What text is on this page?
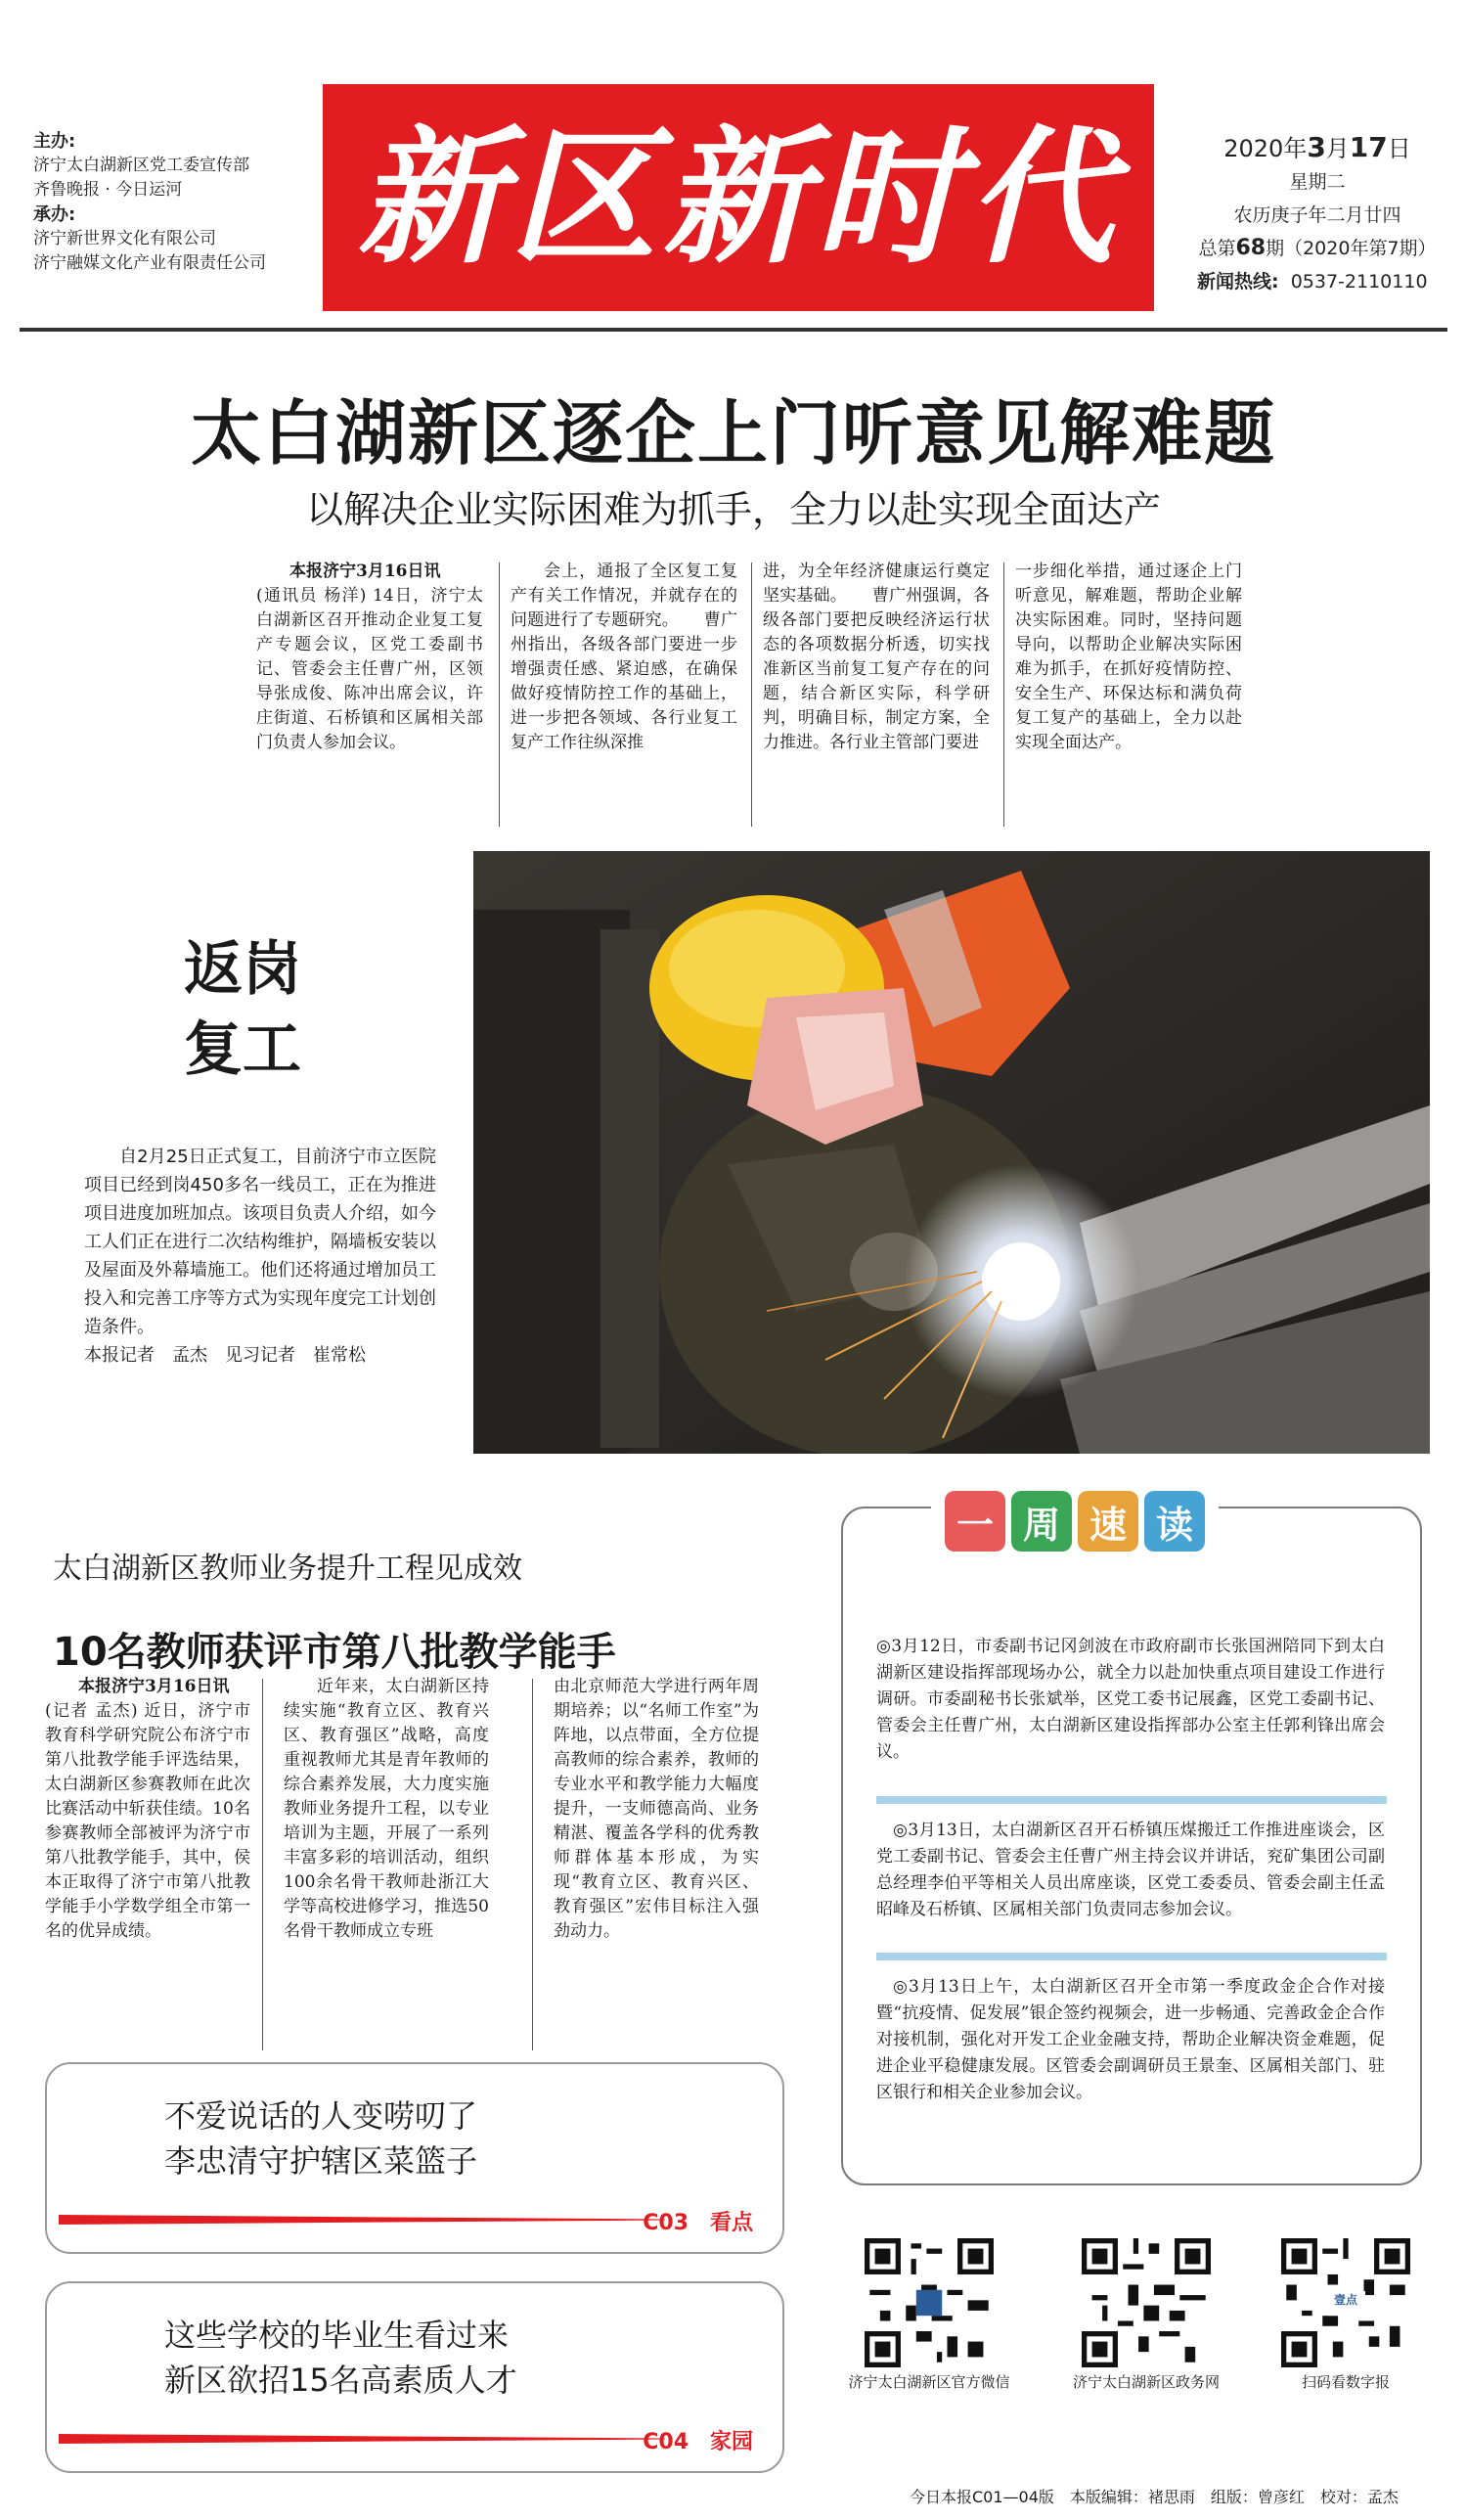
主办:
济宁太白湖新区党工委宣传部
齐鲁晚报 · 今日运河
承办:
济宁新世界文化有限公司
济宁融媒文化产业有限责任公司 新区新时代	2020年3月17日
星期二
农历庚子年二月廿四
总第68期（2020年第7期）
新闻热线: 0537-2110110
太白湖新区逐企上门听意见解难题
以解决企业实际困难为抓手，全力以赴实现全面达产
本报济宁3月16日讯
(通讯员 杨洋) 14日，济宁太白湖新区召开推动企业复工复产专题会议，区党工委副书记、管委会主任曹广州，区领导张成俊、陈冲出席会议，许庄街道、石桥镇和区属相关部门负责人参加会议。
会上，通报了全区复工复产有关工作情况，并就存在的问题进行了专题研究。　　曹广州指出，各级各部门要进一步增强责任感、紧迫感，在确保做好疫情防控工作的基础上，进一步把各领域、各行业复工复产工作往纵深推
进，为全年经济健康运行奠定坚实基础。　　曹广州强调，各级各部门要把反映经济运行状态的各项数据分析透，切实找准新区当前复工复产存在的问题，结合新区实际，科学研判，明确目标，制定方案，全力推进。各行业主管部门要进
一步细化举措，通过逐企上门听意见，解难题，帮助企业解决实际困难。同时，坚持问题导向，以帮助企业解决实际困难为抓手，在抓好疫情防控、安全生产、环保达标和满负荷复工复产的基础上，全力以赴实现全面达产。
返岗
复工
自2月25日正式复工，目前济宁市立医院项目已经到岗450多名一线员工，正在为推进项目进度加班加点。该项目负责人介绍，如今工人们正在进行二次结构维护，隔墙板安装以及屋面及外幕墙施工。他们还将通过增加员工投入和完善工序等方式为实现年度完工计划创造条件。
本报记者　孟杰　见习记者　崔常松
太白湖新区教师业务提升工程见成效
10名教师获评市第八批教学能手
本报济宁3月16日讯
(记者 孟杰) 近日，济宁市教育科学研究院公布济宁市第八批教学能手评选结果，太白湖新区参赛教师在此次比赛活动中斩获佳绩。10名参赛教师全部被评为济宁市第八批教学能手，其中，侯本正取得了济宁市第八批教学能手小学数学组全市第一名的优异成绩。
近年来，太白湖新区持续实施“教育立区、教育兴区、教育强区”战略，高度重视教师尤其是青年教师的综合素养发展，大力度实施教师业务提升工程，以专业培训为主题，开展了一系列丰富多彩的培训活动，组织100余名骨干教师赴浙江大学等高校进修学习，推选50名骨干教师成立专班
由北京师范大学进行两年周期培养；以“名师工作室”为阵地，以点带面，全方位提高教师的综合素养，教师的专业水平和教学能力大幅度提升，一支师德高尚、业务精湛、覆盖各学科的优秀教师群体基本形成，为实现“教育立区、教育兴区、教育强区”宏伟目标注入强劲动力。
不爱说话的人变唠叨了
李忠清守护辖区菜篮子
C03　看点
这些学校的毕业生看过来
新区欲招15名高素质人才
C04　家园
一 周 速 读
◎3月12日，市委副书记冈剑波在市政府副市长张国洲陪同下到太白湖新区建设指挥部现场办公，就全力以赴加快重点项目建设工作进行调研。市委副秘书长张斌举，区党工委书记展鑫，区党工委副书记、管委会主任曹广州，太白湖新区建设指挥部办公室主任郭利锋出席会议。
◎3月13日，太白湖新区召开石桥镇压煤搬迁工作推进座谈会，区党工委副书记、管委会主任曹广州主持会议并讲话，兖矿集团公司副总经理李伯平等相关人员出席座谈，区党工委委员、管委会副主任孟昭峰及石桥镇、区属相关部门负责同志参加会议。
◎3月13日上午，太白湖新区召开全市第一季度政金企合作对接暨“抗疫情、促发展”银企签约视频会，进一步畅通、完善政金企合作对接机制，强化对开发工企业金融支持，帮助企业解决资金难题，促进企业平稳健康发展。区管委会副调研员王景奎、区属相关部门、驻区银行和相关企业参加会议。
济宁太白湖新区官方微信	济宁太白湖新区政务网
壹点
扫码看数字报
今日本报C01—04版　本版编辑：褚思雨　组版：曾彦红　校对：孟杰
